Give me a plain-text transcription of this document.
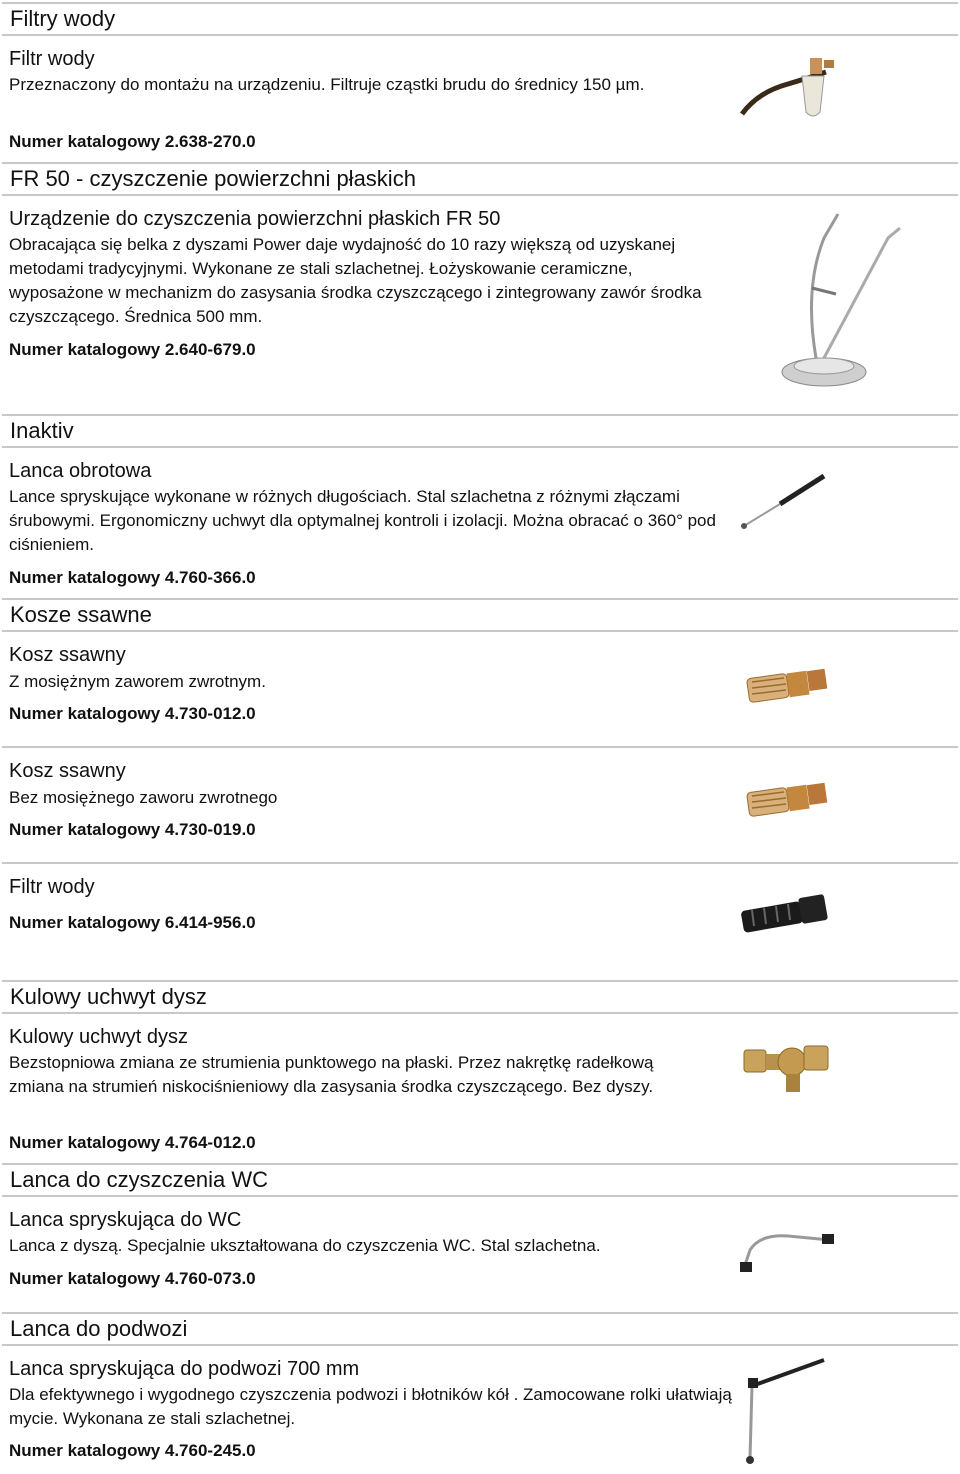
Filtry wody
Filtr wody
Przeznaczony do montażu na urządzeniu. Filtruje cząstki brudu do średnicy 150 µm.
Numer katalogowy 2.638-270.0
FR 50 - czyszczenie powierzchni płaskich
Urządzenie do czyszczenia powierzchni płaskich FR 50
Obracająca się belka z dyszami Power daje wydajność do 10 razy większą od uzyskanej metodami tradycyjnymi. Wykonane ze stali szlachetnej. Łożyskowanie ceramiczne, wyposażone w mechanizm do zasysania środka czyszczącego i zintegrowany zawór środka czyszczącego. Średnica 500 mm.
Numer katalogowy 2.640-679.0
Inaktiv
Lanca obrotowa
Lance spryskujące wykonane w różnych długościach. Stal szlachetna z różnymi złączami śrubowymi. Ergonomiczny uchwyt dla optymalnej kontroli i izolacji. Można obracać o 360° pod ciśnieniem.
Numer katalogowy 4.760-366.0
Kosze ssawne
Kosz ssawny
Z mosiężnym zaworem zwrotnym.
Numer katalogowy 4.730-012.0
Kosz ssawny
Bez mosiężnego zaworu zwrotnego
Numer katalogowy 4.730-019.0
Filtr wody
Numer katalogowy 6.414-956.0
Kulowy uchwyt dysz
Kulowy uchwyt dysz
Bezstopniowa zmiana ze strumienia punktowego na płaski. Przez nakrętkę radełkową zmiana na strumień niskociśnieniowy dla zasysania środka czyszczącego. Bez dyszy.
Numer katalogowy 4.764-012.0
Lanca do czyszczenia WC
Lanca spryskująca do WC
Lanca z dyszą. Specjalnie ukształtowana do czyszczenia WC. Stal szlachetna.
Numer katalogowy 4.760-073.0
Lanca do podwozi
Lanca spryskująca do podwozi 700 mm
Dla efektywnego i wygodnego czyszczenia podwozi i błotników kół . Zamocowane rolki ułatwiają mycie. Wykonana ze stali szlachetnej.
Numer katalogowy 4.760-245.0
